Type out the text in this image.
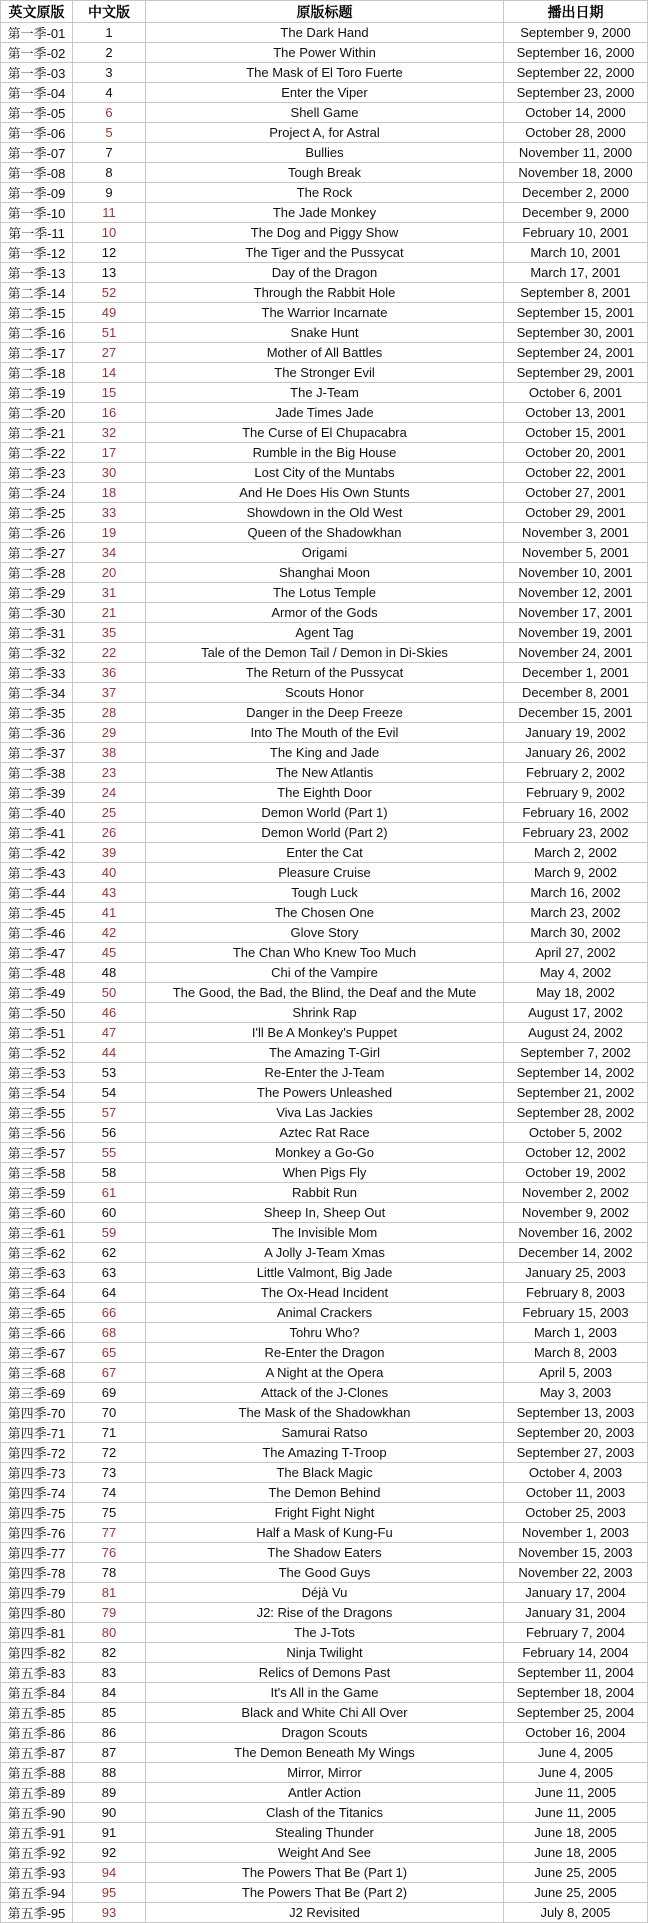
英文原版	中文版	原版标题	播出日期
第一季-01	1	The Dark Hand	September 9, 2000
第一季-02	2	The Power Within	September 16, 2000
第一季-03	3	The Mask of El Toro Fuerte	September 22, 2000
第一季-04	4	Enter the Viper	September 23, 2000
第一季-05	6	Shell Game	October 14, 2000
第一季-06	5	Project A, for Astral	October 28, 2000
第一季-07	7	Bullies	November 11, 2000
第一季-08	8	Tough Break	November 18, 2000
第一季-09	9	The Rock	December 2, 2000
第一季-10	11	The Jade Monkey	December 9, 2000
第一季-11	10	The Dog and Piggy Show	February 10, 2001
第一季-12	12	The Tiger and the Pussycat	March 10, 2001
第一季-13	13	Day of the Dragon	March 17, 2001
第二季-14	52	Through the Rabbit Hole	September 8, 2001
第二季-15	49	The Warrior Incarnate	September 15, 2001
第二季-16	51	Snake Hunt	September 30, 2001
第二季-17	27	Mother of All Battles	September 24, 2001
第二季-18	14	The Stronger Evil	September 29, 2001
第二季-19	15	The J-Team	October 6, 2001
第二季-20	16	Jade Times Jade	October 13, 2001
第二季-21	32	The Curse of El Chupacabra	October 15, 2001
第二季-22	17	Rumble in the Big House	October 20, 2001
第二季-23	30	Lost City of the Muntabs	October 22, 2001
第二季-24	18	And He Does His Own Stunts	October 27, 2001
第二季-25	33	Showdown in the Old West	October 29, 2001
第二季-26	19	Queen of the Shadowkhan	November 3, 2001
第二季-27	34	Origami	November 5, 2001
第二季-28	20	Shanghai Moon	November 10, 2001
第二季-29	31	The Lotus Temple	November 12, 2001
第二季-30	21	Armor of the Gods	November 17, 2001
第二季-31	35	Agent Tag	November 19, 2001
第二季-32	22	Tale of the Demon Tail / Demon in Di-Skies	November 24, 2001
第二季-33	36	The Return of the Pussycat	December 1, 2001
第二季-34	37	Scouts Honor	December 8, 2001
第二季-35	28	Danger in the Deep Freeze	December 15, 2001
第二季-36	29	Into The Mouth of the Evil	January 19, 2002
第二季-37	38	The King and Jade	January 26, 2002
第二季-38	23	The New Atlantis	February 2, 2002
第二季-39	24	The Eighth Door	February 9, 2002
第二季-40	25	Demon World (Part 1)	February 16, 2002
第二季-41	26	Demon World (Part 2)	February 23, 2002
第二季-42	39	Enter the Cat	March 2, 2002
第二季-43	40	Pleasure Cruise	March 9, 2002
第二季-44	43	Tough Luck	March 16, 2002
第二季-45	41	The Chosen One	March 23, 2002
第二季-46	42	Glove Story	March 30, 2002
第二季-47	45	The Chan Who Knew Too Much	April 27, 2002
第二季-48	48	Chi of the Vampire	May 4, 2002
第二季-49	50	The Good, the Bad, the Blind, the Deaf and the Mute	May 18, 2002
第二季-50	46	Shrink Rap	August 17, 2002
第二季-51	47	I'll Be A Monkey's Puppet	August 24, 2002
第二季-52	44	The Amazing T-Girl	September 7, 2002
第三季-53	53	Re-Enter the J-Team	September 14, 2002
第三季-54	54	The Powers Unleashed	September 21, 2002
第三季-55	57	Viva Las Jackies	September 28, 2002
第三季-56	56	Aztec Rat Race	October 5, 2002
第三季-57	55	Monkey a Go-Go	October 12, 2002
第三季-58	58	When Pigs Fly	October 19, 2002
第三季-59	61	Rabbit Run	November 2, 2002
第三季-60	60	Sheep In, Sheep Out	November 9, 2002
第三季-61	59	The Invisible Mom	November 16, 2002
第三季-62	62	A Jolly J-Team Xmas	December 14, 2002
第三季-63	63	Little Valmont, Big Jade	January 25, 2003
第三季-64	64	The Ox-Head Incident	February 8, 2003
第三季-65	66	Animal Crackers	February 15, 2003
第三季-66	68	Tohru Who?	March 1, 2003
第三季-67	65	Re-Enter the Dragon	March 8, 2003
第三季-68	67	A Night at the Opera	April 5, 2003
第三季-69	69	Attack of the J-Clones	May 3, 2003
第四季-70	70	The Mask of the Shadowkhan	September 13, 2003
第四季-71	71	Samurai Ratso	September 20, 2003
第四季-72	72	The Amazing T-Troop	September 27, 2003
第四季-73	73	The Black Magic	October 4, 2003
第四季-74	74	The Demon Behind	October 11, 2003
第四季-75	75	Fright Fight Night	October 25, 2003
第四季-76	77	Half a Mask of Kung-Fu	November 1, 2003
第四季-77	76	The Shadow Eaters	November 15, 2003
第四季-78	78	The Good Guys	November 22, 2003
第四季-79	81	Déjà Vu	January 17, 2004
第四季-80	79	J2: Rise of the Dragons	January 31, 2004
第四季-81	80	The J-Tots	February 7, 2004
第四季-82	82	Ninja Twilight	February 14, 2004
第五季-83	83	Relics of Demons Past	September 11, 2004
第五季-84	84	It's All in the Game	September 18, 2004
第五季-85	85	Black and White Chi All Over	September 25, 2004
第五季-86	86	Dragon Scouts	October 16, 2004
第五季-87	87	The Demon Beneath My Wings	June 4, 2005
第五季-88	88	Mirror, Mirror	June 4, 2005
第五季-89	89	Antler Action	June 11, 2005
第五季-90	90	Clash of the Titanics	June 11, 2005
第五季-91	91	Stealing Thunder	June 18, 2005
第五季-92	92	Weight And See	June 18, 2005
第五季-93	94	The Powers That Be (Part 1)	June 25, 2005
第五季-94	95	The Powers That Be (Part 2)	June 25, 2005
第五季-95	93	J2 Revisited	July 8, 2005
